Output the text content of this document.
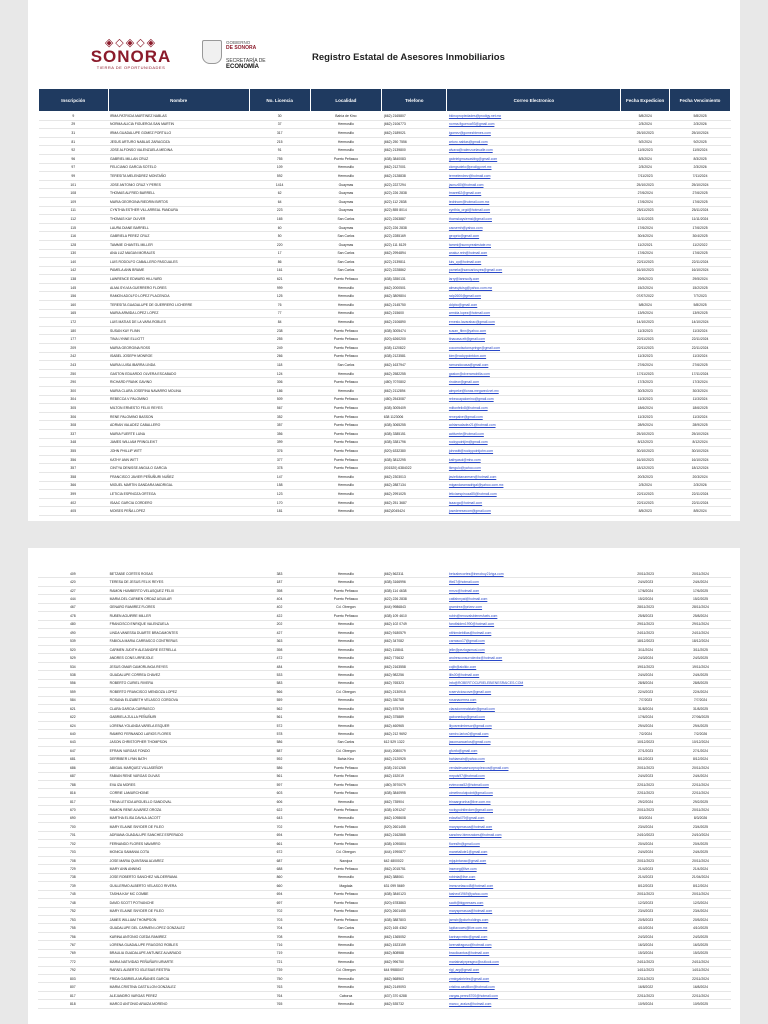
◈◇◈◇◈
SONORA
TIERRA DE OPORTUNIDADES
GOBIERNO
DE SONORA
SECRETARÍA DE
ECONOMÍA
Registro Estatal de Asesores Inmobiliarios
Inscripción	Nombre	No. Licencia	Localidad	Telefono	Correo Electronico	Fecha Expedicion	Fecha Vencimiento
9	IRMA PATRICIA MARTINEZ NABLAS	30	Bahía de Kino	(662) 2165807	bkinopropiedades@prodigy.net.mx	5/8/2024	5/8/2025
29	NORMA ALICIA FIGUEROA SAN MARTIN	37	Hermosillo	(662) 2106773	norma.figueroa93@gmail.com	2/3/2024	2/3/2026
31	IRMA GUADALUPE GOMEZ PORTILLO	317	Hermosillo	(662) 2189021	igomez@gomezbienes.com	25/10/2023	25/10/2024
81	JESUS ARTURO NABLAS ZARAGOZA	215	Hermosillo	(662) 250 7556	arturo.nablas@gmail.com	9/2/2024	9/2/2025
92	JOSE ALFONSO VALENZUELA MEDINA	91	Hermosillo	(662) 2139800	alvava@valenzuelavalle.com	11/5/2023	11/5/2024
96	GABRIEL MILLAN CRUZ	755	Puerto Peñasco	(638) 3840083	gabrielgmcasasbbg@gmail.com	8/3/2024	8/3/2025
97	FELICIANO GARCIA SOTELO	109	Hermosillo	(662) 2127001	ckmgsotelo@prodigy.net.mx	2/3/2024	2/3/2026
99	TERESITA MELENDREZ MONTAÑO	592	Hermosillo	(662) 2128838	termelendrez@hotmail.com	7/11/2023	7/11/2024
101	JOSE ANTONIO CRUZ Y PERES	1414	Guaymas	(622) 2227294	jacruz80@hotmail.com	25/10/2023	25/10/2024
108	THOMAS ALFRED BARRELL	62	Guaymas	(622) 226 2838	tmaret62@gmail.com	27/6/2024	27/6/2025
109	MARIA GEORGINA RIEDRIN BIRTOS	64	Guaymas	(622) 112 2838	tedrinom@hotmail.com.mx	17/6/2024	17/6/2025
111	CYNTHIA ESTHER VILLARREAL PANDURA	223	Guaymas	(622) 855 8014	cynthia_orgd@hotmail.com	25/11/2023	25/11/2024
112	THOMAS KAY OLIVER	165	San Carlos	(622) 2263887	thomskaysiemsi@gmail.com	11/11/2023	11/11/2024
115	LAURA DIANE BARRELL	60	Guaymas	(622) 226 2838	cacsemh@yahoo.com	17/6/2024	17/6/2025
116	GABRIELA PEREZ CRUZ	50	San Carlos	(622) 2285169	geoprio@gmail.com	30/4/2024	30/4/2025
128	TAMMIE CHANTEL MILLER	220	Guaymas	(622) 111 8129	tammi@sunnyrealestate.mx	11/2/2021	11/2/2022
130	ANA LUZ MAGAN MORALES	17	San Carlos	(662) 2994894	analuz.rein@hotmail.com	17/6/2024	17/6/2025
140	LUIS RODOLFO CABALLERO PASCUALES	86	San Carlos	(622) 2139811	luis_cp@hotmail.com	22/11/2023	22/11/2024
142	PAMELA ANN BRAME	161	San Carlos	(622) 2228862	pamela@sancarlosyes@gmail.com	16/10/2023	16/10/2024
138	LAWRENCE EDWARD HILLYARD	621	Puerto Peñasco	(638) 3350131	larry@lannsolly.com	29/5/2023	29/5/2024
145	ALMA SYLVIA GUERRERO FLORES	999	Hermosillo	(662) 2000501	almasyluisg@yahoo.com.mx	15/2/2024	15/2/2025
156	RAMON ADOLFO LOPEZ PLACENCIA	125	Hermosillo	(662) 3809804	ralp2600@gmail.com	07/07/2022	7/7/2023
160	TERESITA GUADALUPE DE GUERRERO LICHERRE	76	Hermosillo	(662) 2145750	ddpbo@gmail.com	5/8/2024	5/8/2025
165	MARIA ARMIDA LOPEZ LOPEZ	77	Hermosillo	(662) 215600	armida.lopez@hotmail.com	13/9/2024	13/9/2025
172	LUIS MATIAS DE LA VARA ROBLES	84	Hermosillo	(662) 2106890	ernesto.lavarabac@gmail.com	14/10/2023	14/10/2024
180	SUSAN KAY FLINN	238	Puerto Peñasco	(638) 3005474	susan_flinn@yahoo.com	11/3/2023	11/3/2024
177	TINA LYNNE ELLIOTT	255	Puerto Peñasco	(520) 6260200	tinacasa.eit@gmail.com	22/11/2023	22/11/2024
209	MARIA GEORGINA ROSS	249	Puerto Peñasco	(638) 1120822	cocomotsotonspringe@gmail.com	22/11/2023	22/11/2024
242	ISABEL JOSEPH MONROE	266	Puerto Peñasco	(638) 2123581	kim@rockypointdon.com	11/3/2023	11/3/2024
243	MARIA LUISA IBARRA LINDA	118	San Carlos	(662) 1637947	ramundocasa@gmail.com	27/6/2024	27/6/2025
250	GASTON EDUARDO OLVERA ESCABADO	124	Hermosillo	(662) 2582255	gaston@olveramobilia.com	17/11/2023	17/11/2024
290	RICHARD FRANK GAVINO	306	Puerto Peñasco	(480) 7070802	rinoleor@gmail.com	17/3/2023	17/3/2024
300	MARIA CLARA JOSEFINA NAVARRO MOLINA	186	Hermosillo	(662) 2112894	aimpeke@lonas.megared.net.mx	30/3/2023	30/3/2024
304	REBECCA V PALOMINO	509	Puerto Peñasco	(480) 2543087	rebeccapalomino@gmail.com	11/3/2023	11/3/2024
305	MILTON ERNESTO FELIX REYES	567	Puerto Peñasco	(638) 3005409	miltonfelix8@hotmail.com	18/6/2024	18/6/2025
306	RENE PALOMINO BASSON	352	Puerto Peñasco	638 1123006	renepalve@gmail.com	11/3/2023	11/3/2024
308	ADRIAN VALADEZ CABALLERO	357	Puerto Peñasco	(638) 3065255	adrianvaladez21@hotmail.com	28/9/2024	28/9/2025
337	MARIA FUERTE LUNA	356	Puerto Peñasco	(638) 3385151	actfuerte@hotmail.com	25/10/2023	25/10/2024
348	JAMES WILLIAM PRINGLE/KT	399	Puerto Peñasco	(638) 3381796	rockypointjim@gmail.com	8/12/2023	8/12/2024
355	JOHN PHILLIP WITT	376	Puerto Peñasco	(520) 6332380	johnwitt@rockypointjohn.com	30/10/2023	30/10/2024
356	KATHY ANN WITT	377	Puerto Peñasco	(638) 3812295	kathyasol@mho.com	16/10/2023	16/10/2024
357	CINTYA DENISSE ANGULO GARCIA	378	Puerto Peñasco	(001520) 6384022	tkmgulo@yahoo.com	18/12/2023	18/12/2024
358	FRANCISCO JAVIER PEÑUÑURI NUÑEZ	147	Hermosillo	(662) 2303013	javieltotanaresen@hotmail.com	20/3/2023	20/3/2024
366	MIGUEL MARTIN GANDARA MADRIGAL	158	Hermosillo	(662) 2887134	migandaramadrigal@yahoo.com.mx	2/3/2024	2/3/2026
399	LETICIA ESPINOZA ORTEGA	123	Hermosillo	(662) 2991025	leticiaespinoza85@hotmail.com	22/11/2023	22/11/2024
402	ISAAC GARCIA CORDERO	170	Hermosillo	(662) 251 3687	isaacgc@hotmail.com	22/11/2023	22/11/2024
405	MOISES PEÑA LOPEZ	181	Hermosillo	(662)2045424	josederesecom@gmail.com	8/5/2023	8/5/2024
409	BETZABE CORTES ROSAS	383	Hermosillo	(662) 562311	betzabecortes@inmobuy21rtga.com	20/11/2023	20/11/2024
420	TERESA DE JESUS FELIX REYES	187	Hermosillo	(638) 3166996	tfix67@hotmail.com	24/4/2023	24/4/2024
427	RAMON HUMBERTO VELASQUEZ FELIX	398	Puerto Peñasco	(638) 114 4638	rrmzc@hotmail.com	17/6/2024	17/6/2025
444	MARIA DEL CARMEN ORDAZ AGUILAR	404	Puerto Peñasco	(622) 226 2838	catfahmyat@hotmail.com	15/2/2024	15/2/2025
467	GENARO RAMIREZ FLORES	402	Cd. Obregon	(644) 9986843	gramirez@prizez.com	28/11/2023	28/11/2024
478	RUBEN AGUIRRE MILLER	422	Puerto Peñasco	(638) 109 4610	rubin@renovalsbienesfuels.com	25/8/2023	25/8/2024
480	FRANCISCO ENRIQUE VALENZUELA	202	Hermosillo	(662) 102 0749	fandfalden1990@hotmail.com	29/11/2023	29/11/2024
490	LINDA VANESSA DUARTE BRACAMONTES	427	Hermosillo	(662) 9180579	nithimdebilias@hotmail.com	24/11/2023	24/11/2024
539	FABIOLA MARIA CARRASCO CONTRERAS	363	Hermosillo	(662) 347082	carrasco17@gmail.com	18/12/2023	18/12/2024
520	CARMEN JUDITH ALEJANDRE ESTRELLA	398	Hermosillo	(662) 115841	jelle@pezlogsmusi.com	3/11/2024	3/11/2025
529	ANDRES CONS URREJOLE	472	Hermosillo	(662) 776632	andresconsurrolexbz@hotmail.com	24/3/2024	24/3/2025
534	JESUS OMAR CAMORLINGA REYES	484	Hermosillo	(662) 2163558	cojlb@aiolkic.com	19/11/2023	19/11/2024
538	GUADALUPE CORREA CHAVEZ	533	Hermosillo	(662) 982256	lilis00@hotmail.com	24/4/2024	24/4/2025
556	ROBERTO CURIEL RIVERA	583	Hermosillo	(662) 765323	info@ROBERTOCURIELEBIENESRAICES.COM	28/8/2024	28/8/2025
559	ROBERTO FRANCISCO MENDOZA LOPEZ	566	Cd. Obregon	(662) 2130915	rcservicioscove@gmail.com	22/4/2023	22/4/2024
584	ROSANA ELIZABETH VELASCO CORDOVA	559	Hermosillo	(662) 330768	rosanacerrea.com	7/7/2023	7/7/2024
621	CLARA GARCIA CARRASCO	562	Hermosillo	(662) 575769	claradomrealstate@gmail.com	31/8/2024	31/8/2025
622	GABRIELA ZULLA PEÑUÑURI	561	Hermosillo	(662) 375889	gabonedup@gmail.com	17/6/2024	27/06/2025
624	LORENA YOLANDA VARELA ESQUER	572	Hermosillo	(662) 460965	lilyvaredmiresor@gmail.com	29/4/2024	29/4/2025
640	RAMIRO FERNANDO LARIOS FLORES	578	Hermosillo	(662) 212 9692	ramiro.larios0@gmail.com	7/2/2024	7/2/2026
643	JASON CHRISTOPHER THOMPSON	586	San Carlos	612 529 1322	jasonsancarlos@gmail.com	10/12/2023	10/12/2024
647	EFRAIN VARGAS FONDO	587	Cd. Obregon	(644) 2080079	gfonfo@gmail.com	27/1/2023	27/1/2024
681	DERRIBER LYNN BATH	592	Bahía Kino	(662) 2120925	bahiamain@yahoo.com	8/12/2023	8/12/2024
686	ABIGAIL MARQUEZ VILLASEÑOR	586	Puerto Peñasco	(638) 2101265	verdadesasesorpropiesvva@gmail.com	20/11/2023	20/11/2024
687	FABIAN RENE VARGAS OLIVAS	561	Puerto Peñasco	(662) 152019	mrpuls97@hotmail.com	24/4/2023	24/4/2024
788	EVA IZA MORES	597	Puerto Peñasco	(480) 3970079	evimovas52@hotmail.com	22/11/2023	22/11/2024
816	CORRIE LAMURCHOINE	603	Puerto Peñasco	(638) 3840995	oimethnolutpoint@gmail.com	22/11/2023	22/11/2024
817	TRINA LETICIA ARGUELLO SANDOVAL	606	Hermosillo	(662) 735904	trinaargronha@live.com.mx	29/2/2024	29/2/2025
670	RAMON RENE ALVAREZ OROZA	622	Puerto Peñasco	(638) 1091247	rockypointbroker@gmail.com	20/11/2023	20/11/2024
690	MARTHA ELISA DAVILA JACOTT	643	Hermosillo	(662) 1098608	edavila479@gmail.com	8/3/2024	8/3/2026
700	MARY ELAINE SNYDER DE FILEO	702	Puerto Peñasco	(520) 2601455	marysperasoa@hotmail.com	23/4/2024	23/4/2025
701	ADRIANA GUADALUPE SANCHEZ ESPERADO	694	Puerto Peñasco	(662) 2162865	sanchez.biensraices@hotmail.com	24/10/2023	24/10/2024
702	FERNANDO FLORES NAVARRO	661	Puerto Peñasco	(638) 1090804	floreslfn@gmail.com	20/4/2024	20/4/2025
703	MONICA SAMANIA COTA	672	Cd. Obregon	(644) 1990877	manetallute1@gmail.com	24/4/2024	24/4/2025
708	JOSE MARIA QUINTANA ALVAREZ	687	Navojoa	642 4800022	mjquintanac@gmail.com	20/11/2023	20/11/2024
729	MARY ANN ANNING	688	Puerto Peñasco	(562) 2015751	inseveg@live.com	21/4/2023	21/4/2024
738	JOSE ROBERTO SANCHEZ VALDERRAMA	860	Hermosillo	(662) 388061	robinta@live.com	21/4/2023	21/04/2024
739	GUILLERMO ALBERTO VELASCO RIVERA	660	Magdala	631 099 5669	immuvelascol8@hotmail.com	8/12/2023	8/12/2024
745	TASHIA KAY MC COMBE	694	Puerto Peñasco	(638) 3840123	tasheof1969@yahoo.com	20/11/2023	20/11/2024
748	DAVID SCOTT POTVANCHE	697	Puerto Peñasco	(520) 6783863	scott@bigpresses.com	12/3/2023	12/3/2024
752	MARY ELAINE SNYDER DE FILEO	702	Puerto Peñasco	(520) 2601455	marysperasoa@hotmail.com	23/4/2023	23/4/2024
753	JAMES WILLIAM THOMPSON	703	Puerto Peñasco	(638) 3887803	jamsb@pdurholdings.com	20/5/2023	20/5/2024
755	GUADALUPE DEL CARMEN LOPEZ GONZALEZ	704	San Carlos	(622) 165 4362	lupitavoces@live.com.mx	4/10/2024	4/10/2025
756	KARINA ANTONIO OJEDA RAMIREZ	708	Hermosillo	(662) 1365052	karinapvmbo@gmail.com	24/3/2024	24/3/2025
767	LORENA GUADALUPE FRAGOSO ROBLES	716	Hermosillo	(662) 1523159	lorenafragoso@hotmail.com	16/3/2024	16/3/2025
769	BRAULIA GUADALUPE ANTUNEZ ALVARADO	719	Hermosillo	(662) 808988	braulioantus@hotmail.com	15/3/2024	15/3/2025
772	MARIA NATIVIDAD PEÑUÑURI URIARTE	721	Hermosillo	(662) 996750	mariatnatyrpesgno@outlook.com	24/11/2023	24/11/2024
792	RAFAEL ALBERTO IGLESIAS RESTRA	739	Cd. Obregon	644 9988047	rigl_arg@gmail.com	14/11/2023	14/11/2024
803	FRIDA GABRIELA MUÑANES GARCIA	750	Hermosillo	(662) 568963	zrmirgabrieles@gmail.com	22/11/2023	22/11/2024
807	MARIA CRISTINA CASTILLON GONZALEZ	763	Hermosillo	(662) 2149093	cristina.castillon@hotmail.com	16/8/2022	16/8/2024
817	ALEJANDRO VARGAS PEREZ	764	Caborca	(637) 370 6288	vargas.perez8700@hotmail.com	22/11/2023	22/11/2024
818	MARCO ANTONIO ARAIZA MORENO	765	Hermosillo	(662) 535732	marco_araiza@hotmail.com	10/9/2024	10/9/2025
